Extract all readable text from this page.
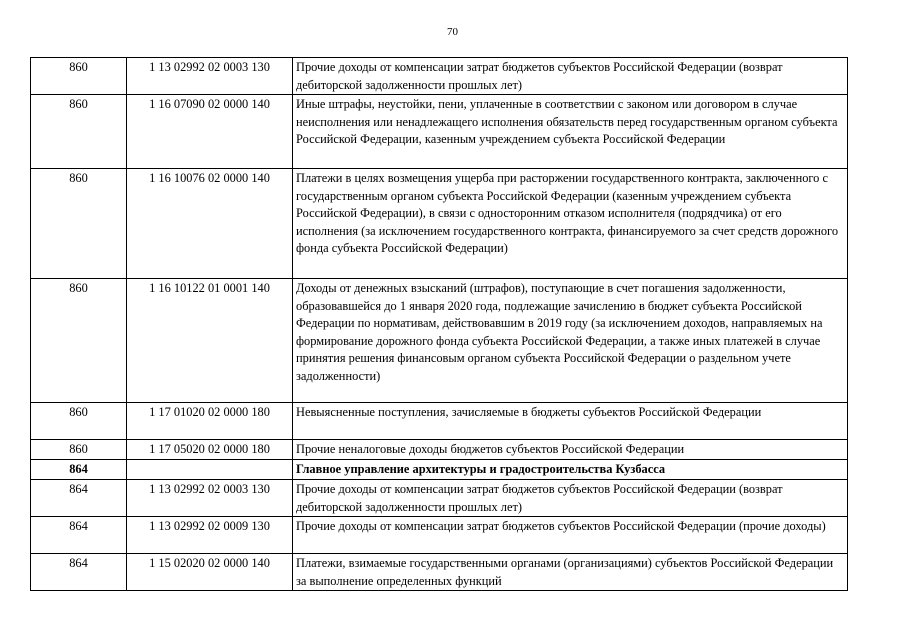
70
860	1 13 02992 02 0003 130	Прочие доходы от компенсации затрат бюджетов субъектов Российской Федерации (возврат дебиторской задолженности прошлых лет)
860	1 16 07090 02 0000 140	Иные штрафы, неустойки, пени, уплаченные в соответствии с законом или договором в случае неисполнения или ненадлежащего исполнения обязательств перед государственным органом субъекта Российской Федерации, казенным учреждением субъекта Российской Федерации
860	1 16 10076 02 0000 140	Платежи в целях возмещения ущерба при расторжении государственного контракта, заключенного с государственным органом субъекта Российской Федерации (казенным учреждением субъекта Российской Федерации), в связи с односторонним отказом исполнителя (подрядчика) от его исполнения (за исключением государственного контракта, финансируемого за счет средств дорожного фонда субъекта Российской Федерации)
860	1 16 10122 01 0001 140	Доходы от денежных взысканий (штрафов), поступающие в счет погашения задолженности, образовавшейся до 1 января 2020 года, подлежащие зачислению в бюджет субъекта Российской Федерации по нормативам, действовавшим в 2019 году (за исключением доходов, направляемых на формирование дорожного фонда субъекта Российской Федерации, а также иных платежей в случае принятия решения финансовым органом субъекта Российской Федерации о раздельном учете задолженности)
860	1 17 01020 02 0000 180	Невыясненные поступления, зачисляемые в бюджеты субъектов Российской Федерации
860	1 17 05020 02 0000 180	Прочие неналоговые доходы бюджетов субъектов Российской Федерации
864		Главное управление архитектуры и градостроительства Кузбасса
864	1 13 02992 02 0003 130	Прочие доходы от компенсации затрат бюджетов субъектов Российской Федерации (возврат дебиторской задолженности прошлых лет)
864	1 13 02992 02 0009 130	Прочие доходы от компенсации затрат бюджетов субъектов Российской Федерации (прочие доходы)
864	1 15 02020 02 0000 140	Платежи, взимаемые государственными органами (организациями) субъектов Российской Федерации за выполнение определенных функций
